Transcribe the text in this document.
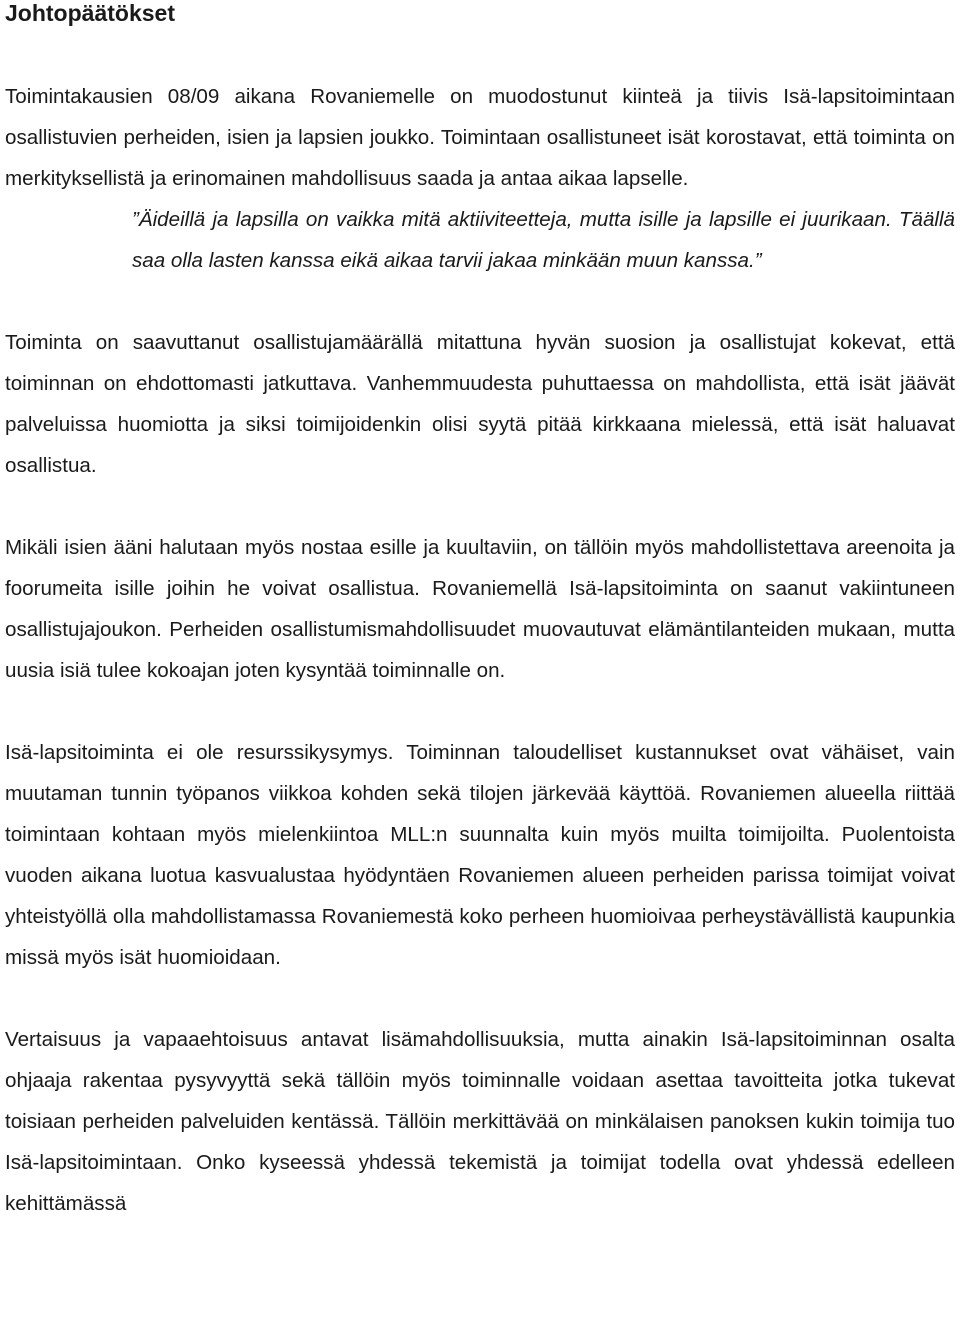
Johtopäätökset

Toimintakausien 08/09 aikana Rovaniemelle on muodostunut kiinteä ja tiivis Isä-lapsitoimintaan osallistuvien perheiden, isien ja lapsien joukko. Toimintaan osallistuneet isät korostavat, että toiminta on merkityksellistä ja erinomainen mahdollisuus saada ja antaa aikaa lapselle.

”Äideillä ja lapsilla on vaikka mitä aktiiviteetteja, mutta isille ja lapsille ei juurikaan. Täällä saa olla lasten kanssa eikä aikaa tarvii jakaa minkään muun kanssa.”

Toiminta on saavuttanut osallistujamäärällä mitattuna hyvän suosion ja osallistujat kokevat, että toiminnan on ehdottomasti jatkuttava. Vanhemmuudesta puhuttaessa on mahdollista, että isät jäävät palveluissa huomiotta ja siksi toimijoidenkin olisi syytä pitää kirkkaana mielessä, että isät haluavat osallistua.

Mikäli isien ääni halutaan myös nostaa esille ja kuultaviin, on tällöin myös mahdollistettava areenoita ja foorumeita isille joihin he voivat osallistua. Rovaniemellä Isä-lapsitoiminta on saanut vakiintuneen osallistujajoukon. Perheiden osallistumismahdollisuudet muovautuvat elämäntilanteiden mukaan, mutta uusia isiä tulee kokoajan joten kysyntää toiminnalle on.

Isä-lapsitoiminta ei ole resurssikysymys. Toiminnan taloudelliset kustannukset ovat vähäiset, vain muutaman tunnin työpanos viikkoa kohden sekä tilojen järkevää käyttöä. Rovaniemen alueella riittää toimintaan kohtaan myös mielenkiintoa MLL:n suunnalta kuin myös muilta toimijoilta. Puolentoista vuoden aikana luotua kasvualustaa hyödyntäen Rovaniemen alueen perheiden parissa toimijat voivat yhteistyöllä olla mahdollistamassa Rovaniemestä koko perheen huomioivaa perheystävällistä kaupunkia missä myös isät huomioidaan.

Vertaisuus ja vapaaehtoisuus antavat lisämahdollisuuksia, mutta ainakin Isä-lapsitoiminnan osalta ohjaaja rakentaa pysyvyyttä sekä tällöin myös toiminnalle voidaan asettaa tavoitteita jotka tukevat toisiaan perheiden palveluiden kentässä. Tällöin merkittävää on minkälaisen panoksen kukin toimija tuo Isä-lapsitoimintaan. Onko kyseessä yhdessä tekemistä ja toimijat todella ovat yhdessä edelleen kehittämässä
